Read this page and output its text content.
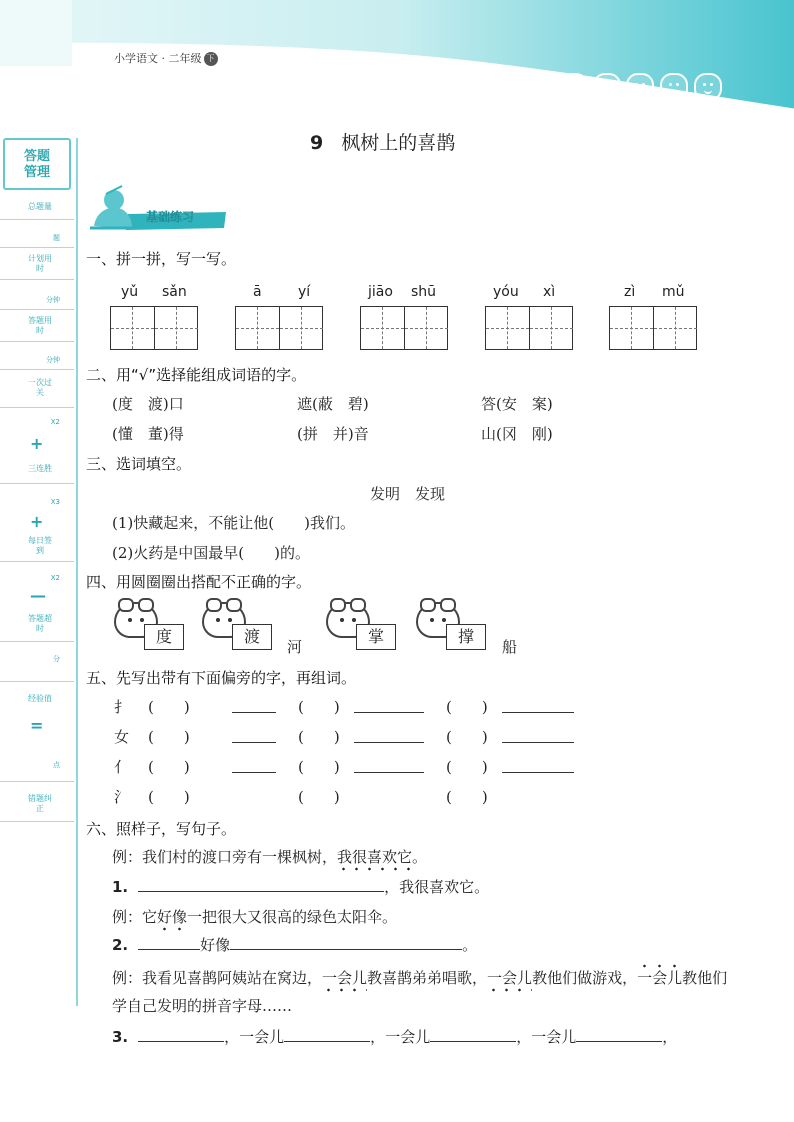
小学语文 · 二年级 下册
答题
管理
总题量
题
计划用时
分钟
答题用时
分钟
一次过关
X2
+
三连胜
X3
+
每日签到
X2
—
答题超时
分
经验值
=
点
错题纠正
9 枫树上的喜鹊
基础练习
一、拼一拼，写一写。
yǔ sǎn	ā	yí	jiāo shū	yóu xì	zì mǔ
二、用“√”选择能组成词语的字。
(度　渡)口	遮(蔽　碧)	答(安　案)
(懂　董)得	(拼　并)音	山(冈　刚)
三、选词填空。
发明　发现
(1)快藏起来，不能让他(　　)我们。
(2)火药是中国最早(　　)的。
四、用圆圈圈出搭配不正确的字。
度	渡
河
掌	撑
船
五、先写出带有下面偏旁的字，再组词。
扌 (　　)	(　　)	(　　)
女 (　　)	(　　)	(　　)
亻 (　　)	(　　)	(　　)
氵 (　　)	(　　)	(　　)
六、照样子，写句子。
例：我们村的渡口旁有一棵枫树，我很喜欢它。
1.	，我很喜欢它。
例：它好像一把很大又很高的绿色太阳伞。
2.	好像	。
例：我看见喜鹊阿姨站在窝边，一会儿教喜鹊弟弟唱歌，一会儿教他们做游戏，一会儿教他们学自己发明的拼音字母……
3.	，一会儿	，一会儿	，一会儿	，
